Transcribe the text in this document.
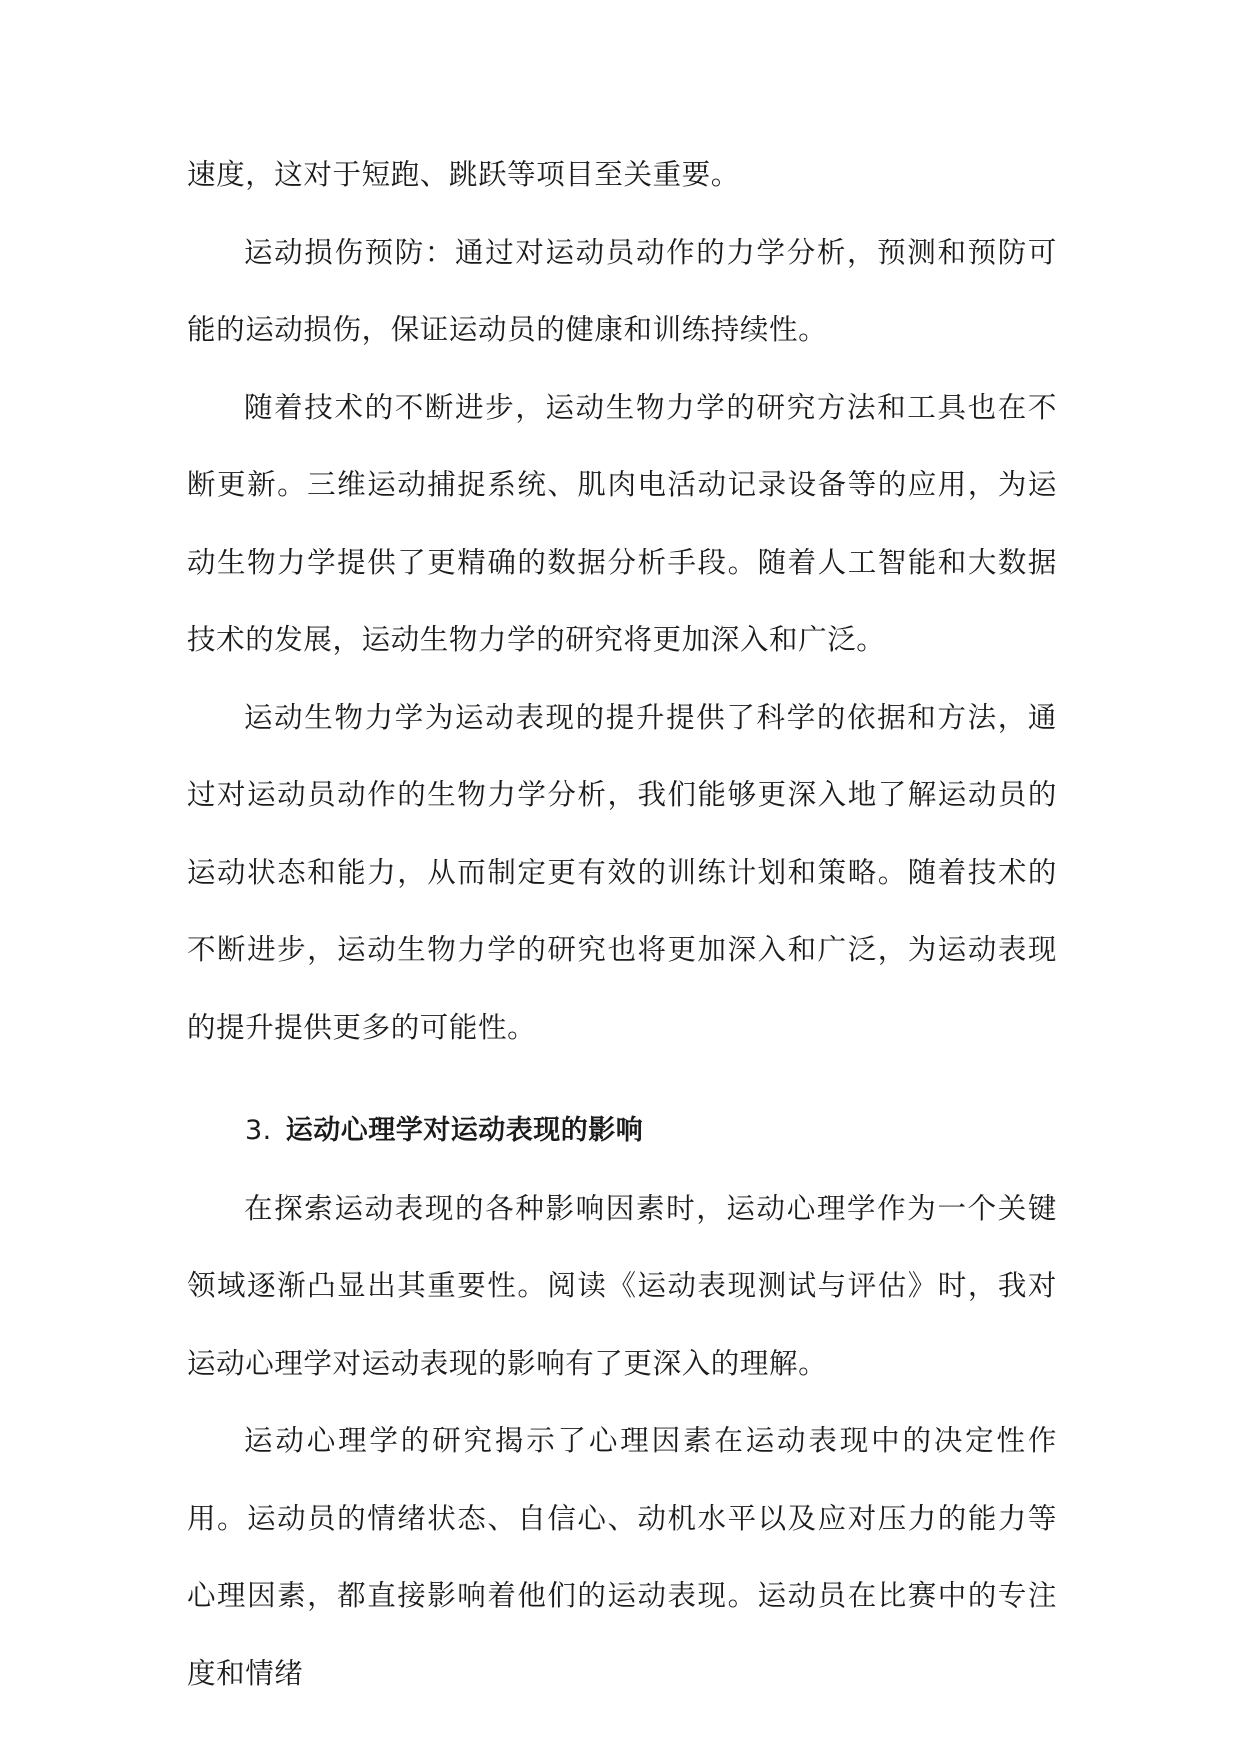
速度，这对于短跑、跳跃等项目至关重要。

运动损伤预防：通过对运动员动作的力学分析，预测和预防可能的运动损伤，保证运动员的健康和训练持续性。

随着技术的不断进步，运动生物力学的研究方法和工具也在不断更新。三维运动捕捉系统、肌肉电活动记录设备等的应用，为运动生物力学提供了更精确的数据分析手段。随着人工智能和大数据技术的发展，运动生物力学的研究将更加深入和广泛。

运动生物力学为运动表现的提升提供了科学的依据和方法，通过对运动员动作的生物力学分析，我们能够更深入地了解运动员的运动状态和能力，从而制定更有效的训练计划和策略。随着技术的不断进步，运动生物力学的研究也将更加深入和广泛，为运动表现的提升提供更多的可能性。

3. 运动心理学对运动表现的影响

在探索运动表现的各种影响因素时，运动心理学作为一个关键领域逐渐凸显出其重要性。阅读《运动表现测试与评估》时，我对运动心理学对运动表现的影响有了更深入的理解。

运动心理学的研究揭示了心理因素在运动表现中的决定性作用。运动员的情绪状态、自信心、动机水平以及应对压力的能力等心理因素，都直接影响着他们的运动表现。运动员在比赛中的专注度和情绪
